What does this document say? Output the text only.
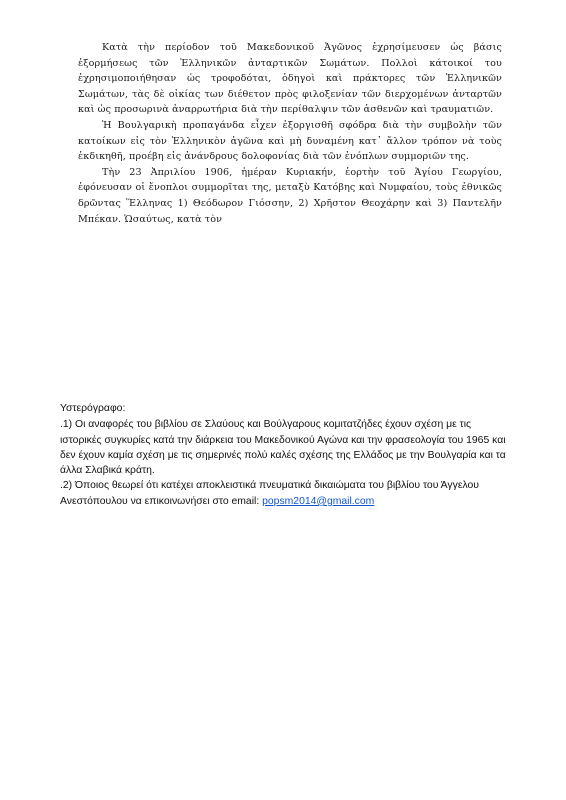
Κατὰ τὴν περίοδον τοῦ Μακεδονικοῦ Ἀγῶνος ἐχρησίμευσεν ὡς βάσις ἐξορμήσεως τῶν Ἑλληνικῶν ἀνταρτικῶν Σωμάτων. Πολλοὶ κάτοικοί του ἐχρησιμοποιήθησαν ὡς τροφοδόται, ὁδηγοὶ καὶ πράκτορες τῶν Ἑλληνικῶν Σωμάτων, τὰς δὲ οἰκίας των διέθετον πρὸς φιλοξενίαν τῶν διερχομένων ἀνταρτῶν καὶ ὡς προσωρινὰ ἀναρρωτήρια διὰ τὴν περίθαλψιν τῶν ἀσθενῶν καὶ τραυματιῶν.

Ἡ Βουλγαρικὴ προπαγάνδα εἶχεν ἐξοργισθῆ σφόδρα διὰ τὴν συμβολὴν τῶν κατοίκων εἰς τὸν Ἑλληνικὸν ἀγῶνα καὶ μὴ δυναμένη κατ᾽ ἄλλον τρόπον νὰ τοὺς ἐκδικηθῆ, προέβη εἰς ἀνάνδρους δολοφονίας διὰ τῶν ἐνόπλων συμμοριῶν της.

Τὴν 23 Ἀπριλίου 1906, ἡμέραν Κυριακήν, ἑορτὴν τοῦ Ἁγίου Γεωργίου, ἐφόνευσαν οἱ ἔνοπλοι συμμορῖται της, μεταξὺ Κατόβης καὶ Νυμφαίου, τοὺς ἐθνικῶς δρῶντας Ἕλληνας 1) Θεόδωρον Γιόσσην, 2) Χρῆστον Θεοχάρην καὶ 3) Παντελῆν Μπέκαν. Ὡσαύτως, κατὰ τὸν

Υστερόγραφο:

.1) Οι αναφορές του βιβλίου σε Σλαύους και Βούλγαρους κομιτατζήδες έχουν σχέση με τις ιστορικές συγκυρίες κατά την διάρκεια του Μακεδονικού Αγώνα και την φρασεολογία του 1965 και δεν έχουν καμία σχέση με τις σημερινές πολύ καλές σχέσης της Ελλάδος με την Βουλγαρία και τα άλλα Σλαβικά κράτη.

.2) Όποιος θεωρεί ότι κατέχει αποκλειστικά πνευματικά δικαιώματα του βιβλίου του Άγγελου Ανεστόπουλου να επικοινωνήσει στο email: popsm2014@gmail.com
